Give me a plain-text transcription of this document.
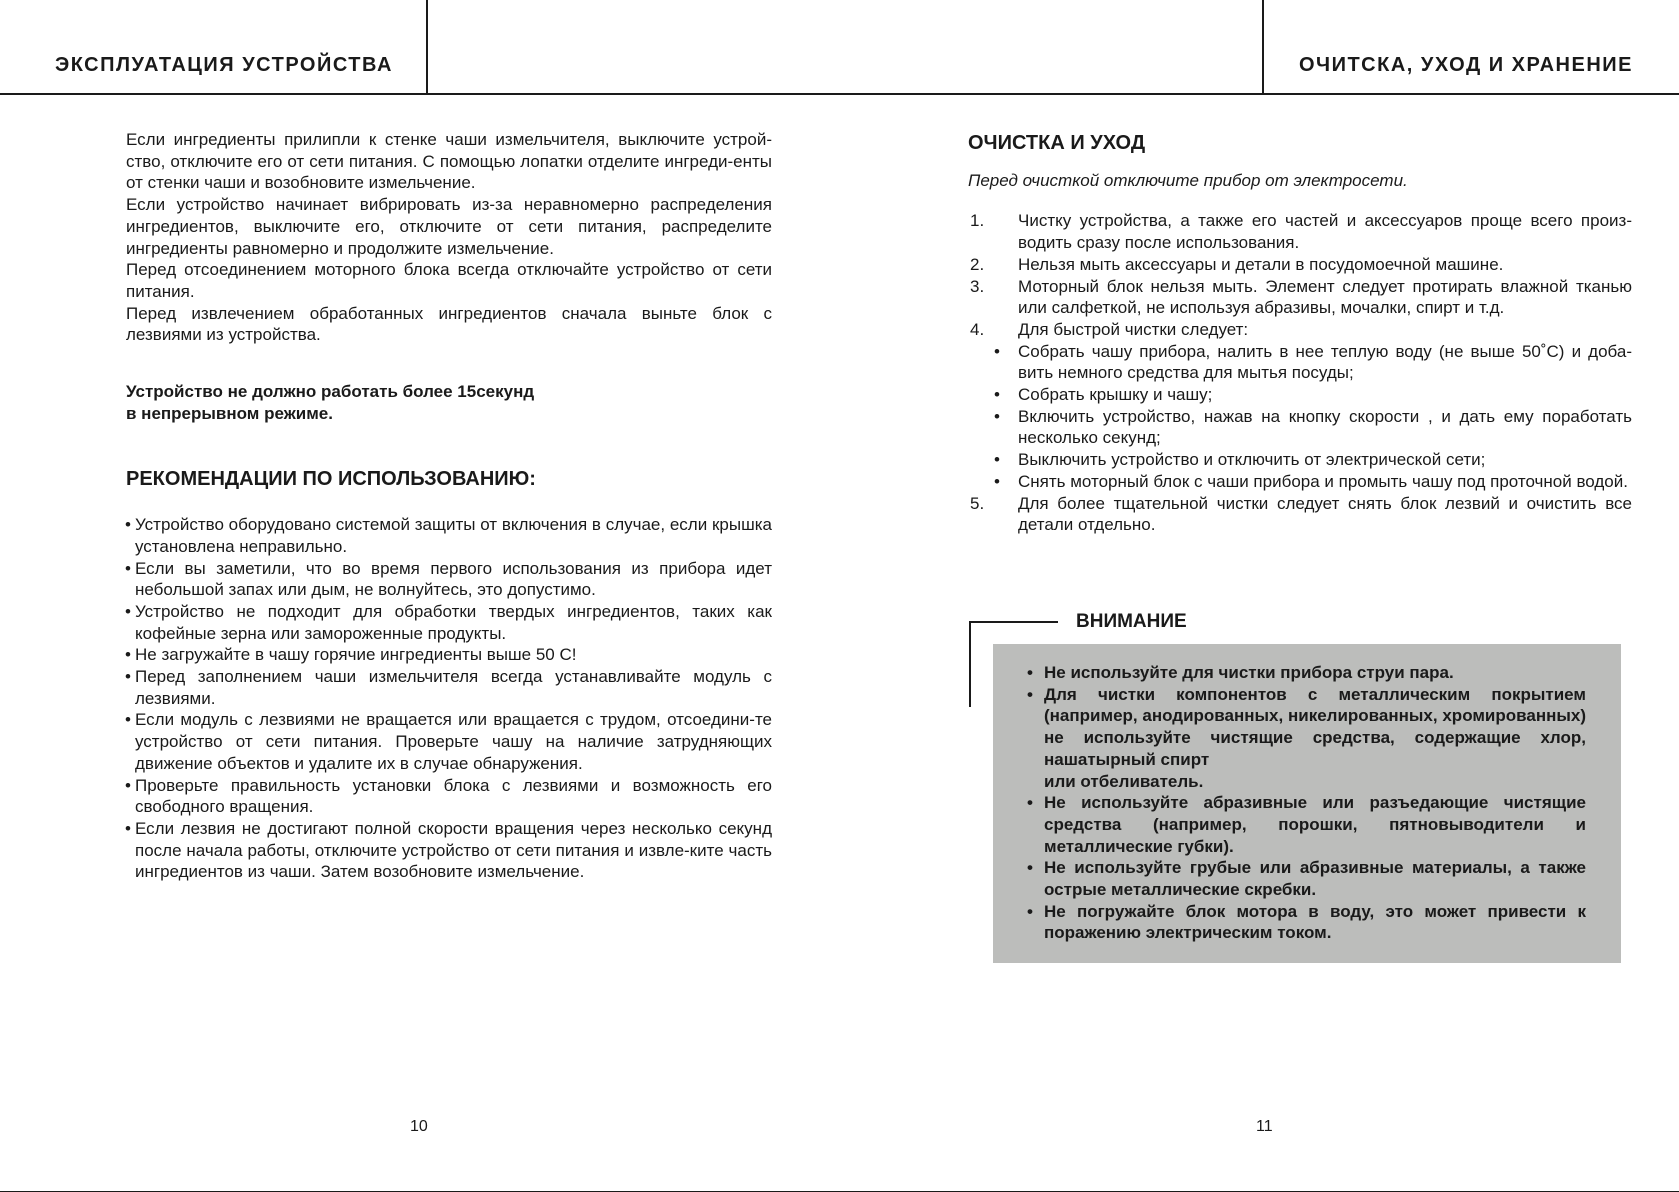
ЭКСПЛУАТАЦИЯ УСТРОЙСТВА	ОЧИТСКА, УХОД И ХРАНЕНИЕ

Если ингредиенты прилипли к стенке чаши измельчителя, выключите устрой-ство, отключите его от сети питания. С помощью лопатки отделите ингреди-енты от стенки чаши и возобновите измельчение.

Если устройство начинает вибрировать из-за неравномерно распределения ингредиентов, выключите его, отключите от сети питания, распределите ингредиенты равномерно и продолжите измельчение.

Перед отсоединением моторного блока всегда отключайте устройство от сети питания.

Перед извлечением обработанных ингредиентов сначала выньте блок с лезвиями из устройства.

Устройство не должно работать более 15секунд
в непрерывном режиме.
РЕКОМЕНДАЦИИ ПО ИСПОЛЬЗОВАНИЮ:
• Устройство оборудовано системой защиты от включения в случае, если крышка установлена неправильно.
• Если вы заметили, что во время первого использования из прибора идет небольшой запах или дым, не волнуйтесь, это допустимо.
• Устройство не подходит для обработки твердых ингредиентов, таких как кофейные зерна или замороженные продукты.
• Не загружайте в чашу горячие ингредиенты выше 50 С!
• Перед заполнением чаши измельчителя всегда устанавливайте модуль с лезвиями.
• Если модуль с лезвиями не вращается или вращается с трудом, отсоедини-те устройство от сети питания. Проверьте чашу на наличие затрудняющих движение объектов и удалите их в случае обнаружения.
• Проверьте правильность установки блока с лезвиями и возможность его свободного вращения.
• Если лезвия не достигают полной скорости вращения через несколько секунд после начала работы, отключите устройство от сети питания и извле-ките часть ингредиентов из чаши. Затем возобновите измельчение.
10
ОЧИСТКА И УХОД

Перед очисткой отключите прибор от электросети.

1. Чистку устройства, а также его частей и аксессуаров проще всего произ-водить сразу после использования.
2. Нельзя мыть аксессуары и детали в посудомоечной машине.
3. Моторный блок нельзя мыть. Элемент следует протирать влажной тканью или салфеткой, не используя абразивы, мочалки, спирт и т.д.
4. Для быстрой чистки следует:
• Собрать чашу прибора, налить в нее теплую воду (не выше 50˚С) и доба-вить немного средства для мытья посуды;
• Собрать крышку и чашу;
• Включить устройство, нажав на кнопку скорости , и дать ему поработать несколько секунд;
• Выключить устройство и отключить от электрической сети;
• Снять моторный блок с чаши прибора и промыть чашу под проточной водой.
5. Для более тщательной чистки следует снять блок лезвий и очистить все детали отдельно.
ВНИМАНИЕ
• Не используйте для чистки прибора струи пара.
• Для чистки компонентов с металлическим покрытием (например, анодированных, никелированных, хромированных) не используйте чистящие средства, содержащие хлор, нашатырный спирт
или отбеливатель.
• Не используйте абразивные или разъедающие чистящие средства (например, порошки, пятновыводители и металлические губки).
• Не используйте грубые или абразивные материалы, а также острые металлические скребки.
• Не погружайте блок мотора в воду, это может привести к поражению электрическим током.
11
